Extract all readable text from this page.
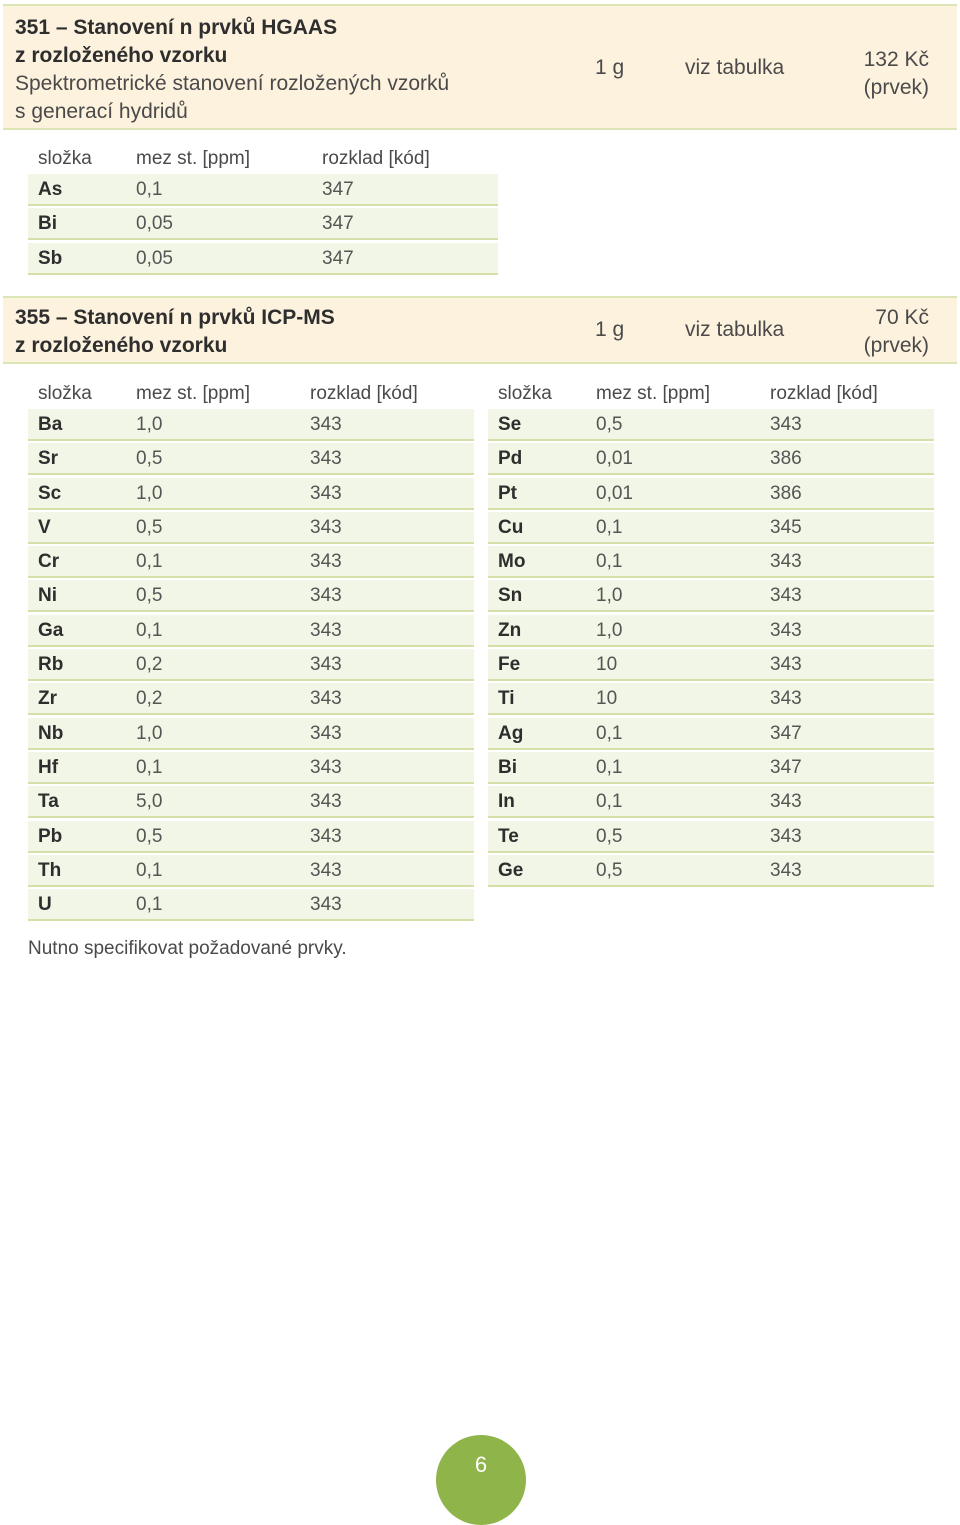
351 – Stanovení n prvků HGAAS
z rozloženého vzorku
Spektrometrické stanovení rozložených vzorků
s generací hydridů
1 g	viz tabulka	132 Kč
(prvek)
složka mez st. [ppm]	rozklad [kód]
As	0,1	347
Bi	0,05	347
Sb	0,05	347
355 – Stanovení n prvků ICP-MS
z rozloženého vzorku
1 g	viz tabulka
70 Kč
(prvek)
složka mez st. [ppm]	rozklad [kód]
Ba	1,0	343
Sr	0,5	343
Sc	1,0	343
V	0,5	343
Cr	0,1	343
Ni	0,5	343
Ga	0,1	343
Rb	0,2	343
Zr	0,2	343
Nb	1,0	343
Hf	0,1	343
Ta	5,0	343
Pb	0,5	343
Th	0,1	343
U	0,1	343
složka mez st. [ppm]	rozklad [kód]
Se	0,5	343
Pd	0,01	386
Pt	0,01	386
Cu	0,1	345
Mo	0,1	343
Sn	1,0	343
Zn	1,0	343
Fe	10	343
Ti	10	343
Ag	0,1	347
Bi	0,1	347
In	0,1	343
Te	0,5	343
Ge	0,5	343
Nutno specifikovat požadované prvky.
6
